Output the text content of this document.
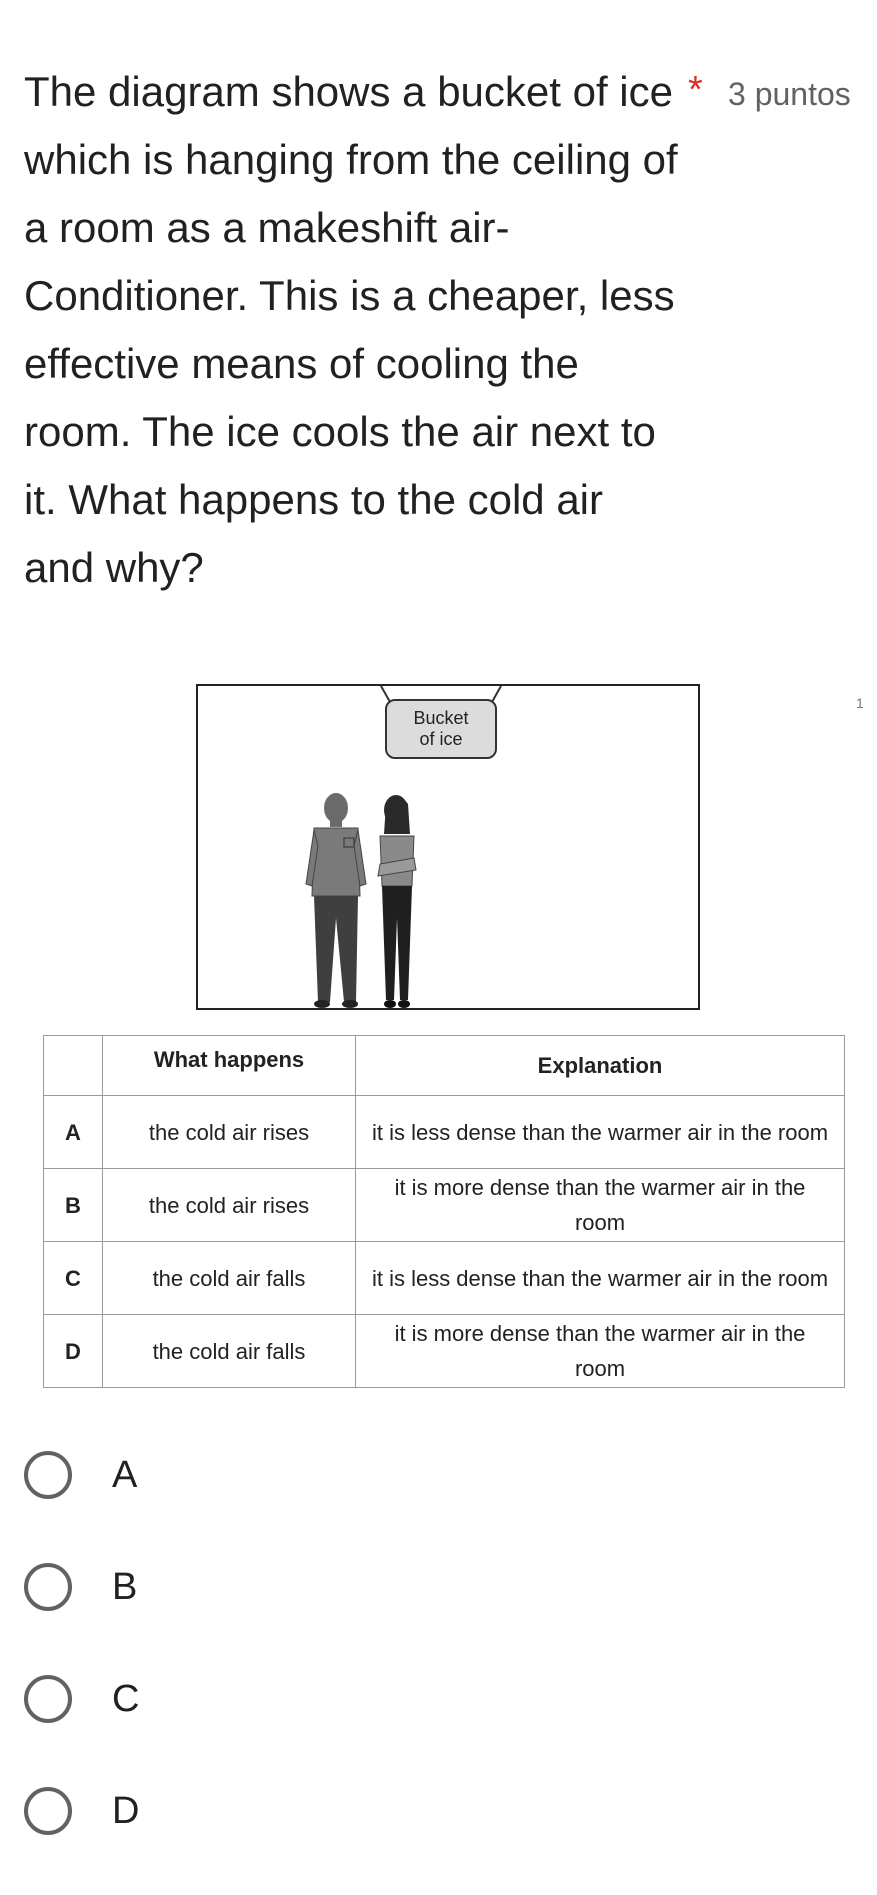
The diagram shows a bucket of ice which is hanging from the ceiling of a room as a makeshift air-Conditioner. This is a cheaper, less effective means of cooling the room. The ice cools the air next to it. What happens to the cold air and why?

* 3 puntos
1
Bucket
of ice
	What happens	Explanation
A	the cold air rises	it is less dense than the warmer air in the room
B	the cold air rises	it is more dense than the warmer air in the room
C	the cold air falls	it is less dense than the warmer air in the room
D	the cold air falls	it is more dense than the warmer air in the room
A
B
C
D
